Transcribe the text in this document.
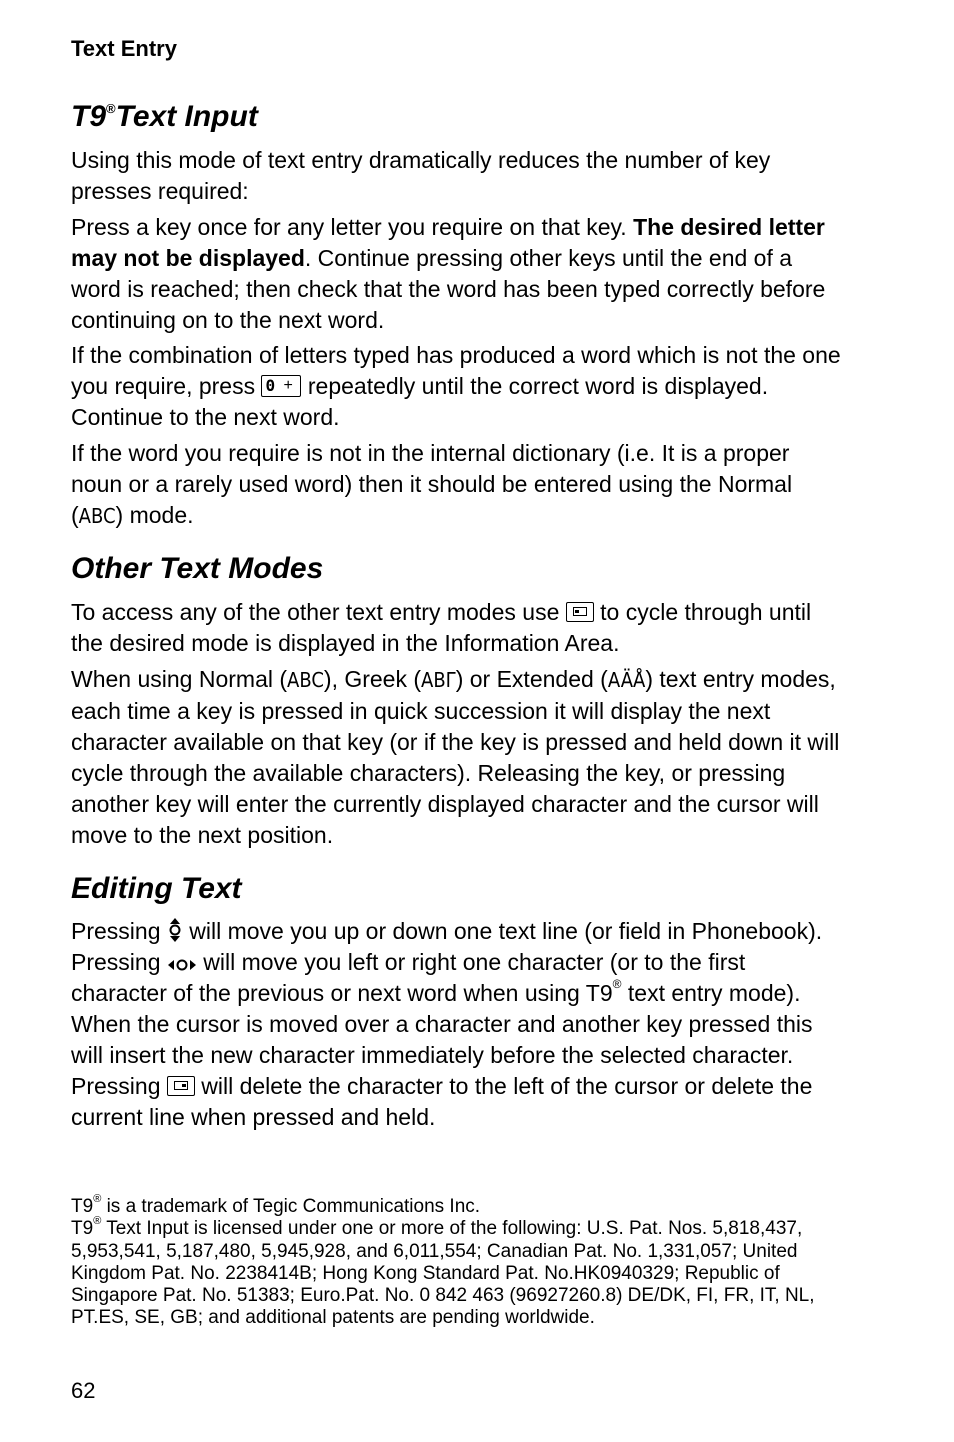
Text Entry

T9®Text Input

Using this mode of text entry dramatically reduces the number of key presses required:

Press a key once for any letter you require on that key. The desired letter may not be displayed. Continue pressing other keys until the end of a word is reached; then check that the word has been typed correctly before continuing on to the next word.

If the combination of letters typed has produced a word which is not the one you require, press 0 + repeatedly until the correct word is displayed. Continue to the next word.

If the word you require is not in the internal dictionary (i.e. It is a proper noun or a rarely used word) then it should be entered using the Normal (ABC) mode.

Other Text Modes

To access any of the other text entry modes use
to cycle through until the desired mode is displayed in the Information Area.

When using Normal (ABC), Greek (ABΓ) or Extended (AÄÅ) text entry modes, each time a key is pressed in quick succession it will display the next character available on that key (or if the key is pressed and held down it will cycle through the available characters). Releasing the key, or pressing another key will enter the currently displayed character and the cursor will move to the next position.

Editing Text

Pressing  will move you up or down one text line (or field in Phonebook). Pressing  will move you left or right one character (or to the first character of the previous or next word when using T9® text entry mode). When the cursor is moved over a character and another key pressed this will insert the new character immediately before the selected character. Pressing
will delete the character to the left of the cursor or delete the current line when pressed and held.

T9® is a trademark of Tegic Communications Inc.
T9® Text Input is licensed under one or more of the following: U.S. Pat. Nos. 5,818,437, 5,953,541, 5,187,480, 5,945,928, and 6,011,554; Canadian Pat. No. 1,331,057; United Kingdom Pat. No. 2238414B; Hong Kong Standard Pat. No.HK0940329; Republic of Singapore Pat. No. 51383; Euro.Pat. No. 0 842 463 (96927260.8) DE/DK, FI, FR, IT, NL, PT.ES, SE, GB; and additional patents are pending worldwide.

62
